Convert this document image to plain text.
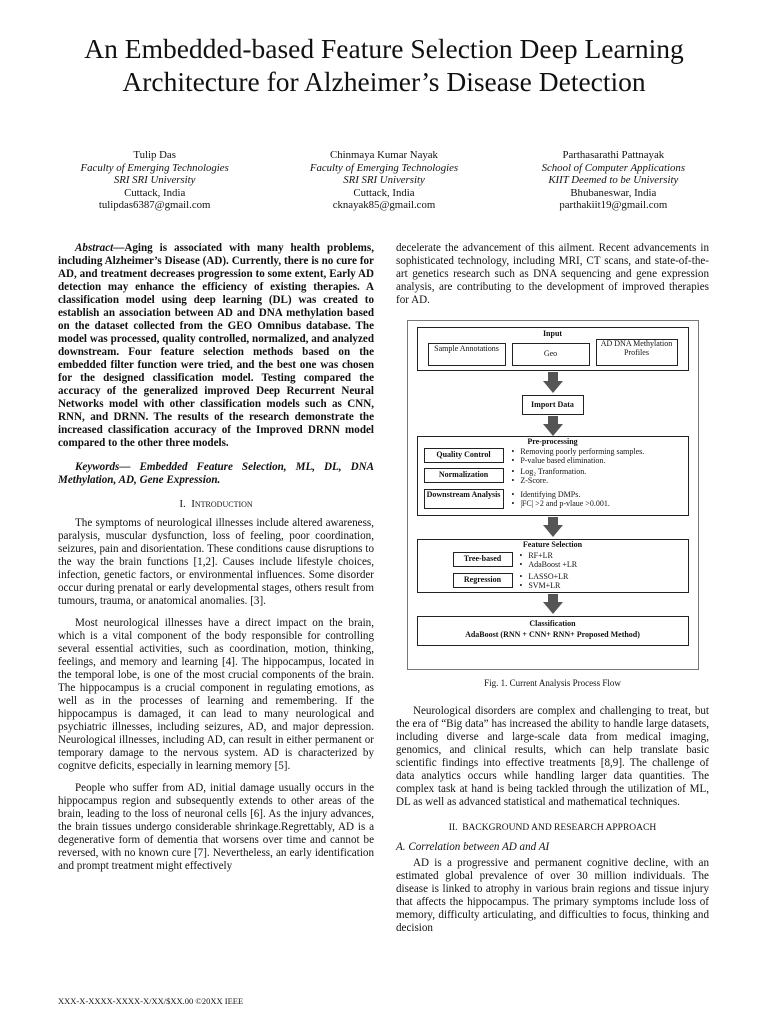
An Embedded-based Feature Selection Deep Learning Architecture for Alzheimer’s Disease Detection
Tulip Das
Faculty of Emerging Technologies
SRI SRI University
Cuttack, India
tulipdas6387@gmail.com
Chinmaya Kumar Nayak
Faculty of Emerging Technologies
SRI SRI University
Cuttack, India
cknayak85@gmail.com
Parthasarathi Pattnayak
School of Computer Applications
KIIT Deemed to be University
Bhubaneswar, India
parthakiit19@gmail.com

Abstract—Aging is associated with many health problems, including Alzheimer’s Disease (AD). Currently, there is no cure for AD, and treatment decreases progression to some extent, Early AD detection may enhance the efficiency of existing therapies. A classification model using deep learning (DL) was created to establish an association between AD and DNA methylation based on the dataset collected from the GEO Omnibus database. The model was processed, quality controlled, normalized, and analyzed downstream. Four feature selection methods based on the embedded filter function were tried, and the best one was chosen for the designed classification model. Testing compared the accuracy of the generalized improved Deep Recurrent Neural Networks model with other classification models such as CNN, RNN, and DRNN. The results of the research demonstrate the increased classification accuracy of the Improved DRNN model compared to the other three models.

Keywords— Embedded Feature Selection, ML, DL, DNA Methylation, AD, Gene Expression.

I. Introduction

The symptoms of neurological illnesses include altered awareness, paralysis, muscular dysfunction, loss of feeling, poor coordination, seizures, pain and disorientation. These conditions cause disruptions to the way the brain functions [1,2]. Causes include lifestyle choices, infection, genetic factors, or environmental influences. Some disorder occur during prenatal or early developmental stages, others result from tumours, trauma, or anatomical anomalies. [3].

Most neurological illnesses have a direct impact on the brain, which is a vital component of the body responsible for controlling several essential activities, such as coordination, motion, thinking, feelings, and memory and learning [4]. The hippocampus, located in the temporal lobe, is one of the most crucial components of the brain. The hippocampus is a crucial component in regulating emotions, as well as in the processes of learning and remembering. If the hippocampus is damaged, it can lead to many neurological and psychiatric illnesses, including seizures, AD, and major depression. Neurological illnesses, including AD, can result in either permanent or temporary damage to the nervous system. AD is characterized by cognitve deficits, especially in learning memory [5].

People who suffer from AD, initial damage usually occurs in the hippocampus region and subsequently extends to other areas of the brain, leading to the loss of neuronal cells [6]. As the injury advances, the brain tissues undergo considerable shrinkage.Regrettably, AD is a degenerative form of dementia that worsens over time and cannot be reversed, with no known cure [7]. Nevertheless, an early identification and prompt treatment might effectively

decelerate the advancement of this ailment. Recent advancements in sophisticated technology, including MRI, CT scans, and state-of-the-art genetics research such as DNA sequencing and gene expression analysis, are contributing to the development of improved therapies for AD.

Input
Sample Annotations
Geo
AD DNA Methylation Profiles
Import Data
Pre-processing
Quality Control	• Removing poorly performing samples.
• P-value based elimination.
Normalization	• Log₂ Tranformation.
• Z-Score.
Downstream Analysis	• Identifying DMPs.
• |FC| >2 and p-vlaue >0.001.
Feature Selection
Tree-based	• RF+LR
• AdaBoost +LR
Regression	• LASSO+LR
• SVM+LR
Classification
AdaBoost (RNN + CNN+ RNN+ Proposed Method)
Fig. 1. Current Analysis Process Flow

Neurological disorders are complex and challenging to treat, but the era of “Big data” has increased the ability to handle large datasets, including diverse and large-scale data from medical imaging, genomics, and clinical results, which can help translate basic scientific findings into effective treatments [8,9]. The challenge of data analytics occurs while handling larger data quantities. The complex task at hand is being tackled through the utilization of ML, DL as well as advanced statistical and mathematical techniques.

II. BACKGROUND AND RESEARCH APPROACH
A. Correlation between AD and AI

AD is a progressive and permanent cognitive decline, with an estimated global prevalence of over 30 million individuals. The disease is linked to atrophy in various brain regions and tissue injury that affects the hippocampus. The primary symptoms include loss of memory, difficulty articulating, and difficulties to focus, thinking and decision

XXX-X-XXXX-XXXX-X/XX/$XX.00 ©20XX IEEE
